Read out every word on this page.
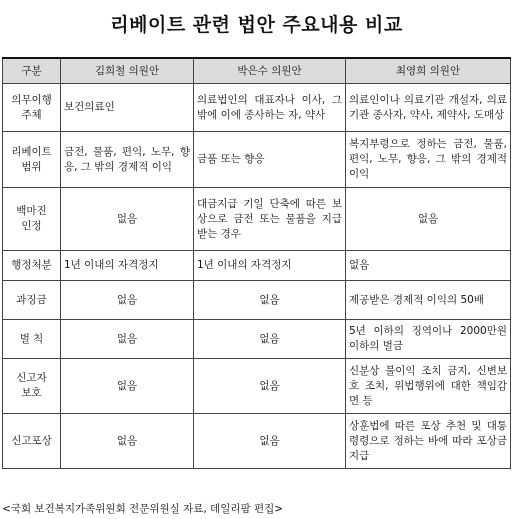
리베이트 관련 법안 주요내용 비교
구분	김희철 의원안	박은수 의원안	최영희 의원안
의무이행
주체	보건의료인	의료법인의 대표자나 이사, 그 밖에 이에 종사하는 자, 약사	의료인이나 의료기관 개설자, 의료기관 종사자, 약사, 제약사, 도매상
리베이트
범위	금전, 물품, 편익, 노무, 향응, 그 밖의 경제적 이익	금품 또는 향응	복지부령으로 정하는 금전, 물품, 편익, 노무, 향응, 그 밖의 경제적 이익
백마진
인정	없음	대금지급 기일 단축에 따른 보상으로 금전 또는 물품을 지급받는 경우	없음
행정처분	1년 이내의 자격정지	1년 이내의 자격정지	없음
과징금	없음	없음	제공받은 경제적 이익의 50배
벌 칙	없음	없음	5년 이하의 징역이나 2000만원 이하의 벌금
신고자
보호	없음	없음	신분상 불이익 조치 금지, 신변보호 조치, 위법행위에 대한 책임감면 등
신고포상	없음	없음	상훈법에 따른 포상 추천 및 대통령령으로 정하는 바에 따라 포상금 지급
<국회 보건복지가족위원회 전문위원실 자료, 데일리팜 편집>
